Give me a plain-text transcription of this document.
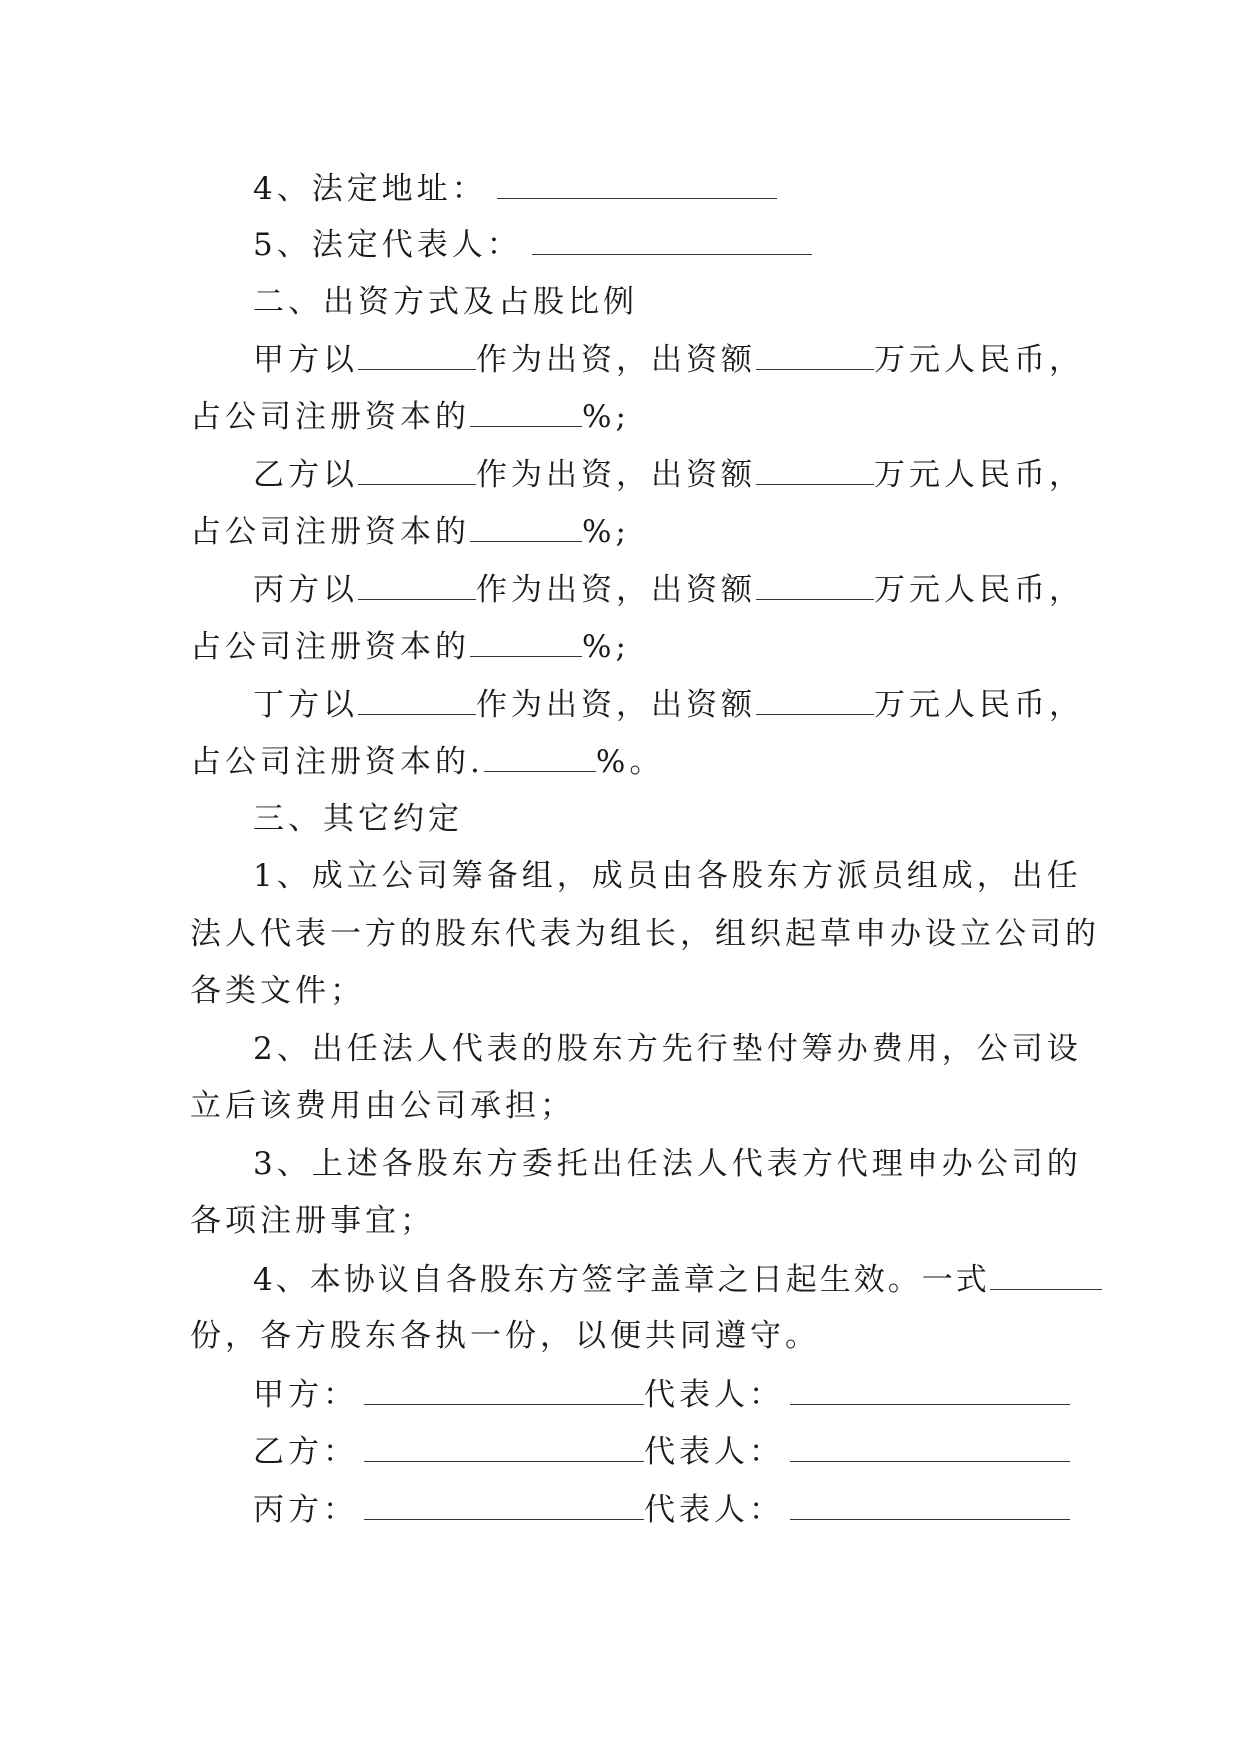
4、法定地址：
5、法定代表人：
二、出资方式及占股比例
甲方以	作为出资，出资额	万元人民币，
占公司注册资本的	%;
乙方以	作为出资，出资额	万元人民币，
占公司注册资本的	%;
丙方以	作为出资，出资额	万元人民币，
占公司注册资本的	%;
丁方以	作为出资，出资额	万元人民币，
占公司注册资本的.	%。
三、其它约定
1、成立公司筹备组，成员由各股东方派员组成，出任
法人代表一方的股东代表为组长，组织起草申办设立公司的
各类文件；
2、出任法人代表的股东方先行垫付筹办费用，公司设
立后该费用由公司承担；
3、上述各股东方委托出任法人代表方代理申办公司的
各项注册事宜；
4、本协议自各股东方签字盖章之日起生效。一式
份，各方股东各执一份，以便共同遵守。
甲方：	代表人：
乙方：	代表人：
丙方：	代表人：
